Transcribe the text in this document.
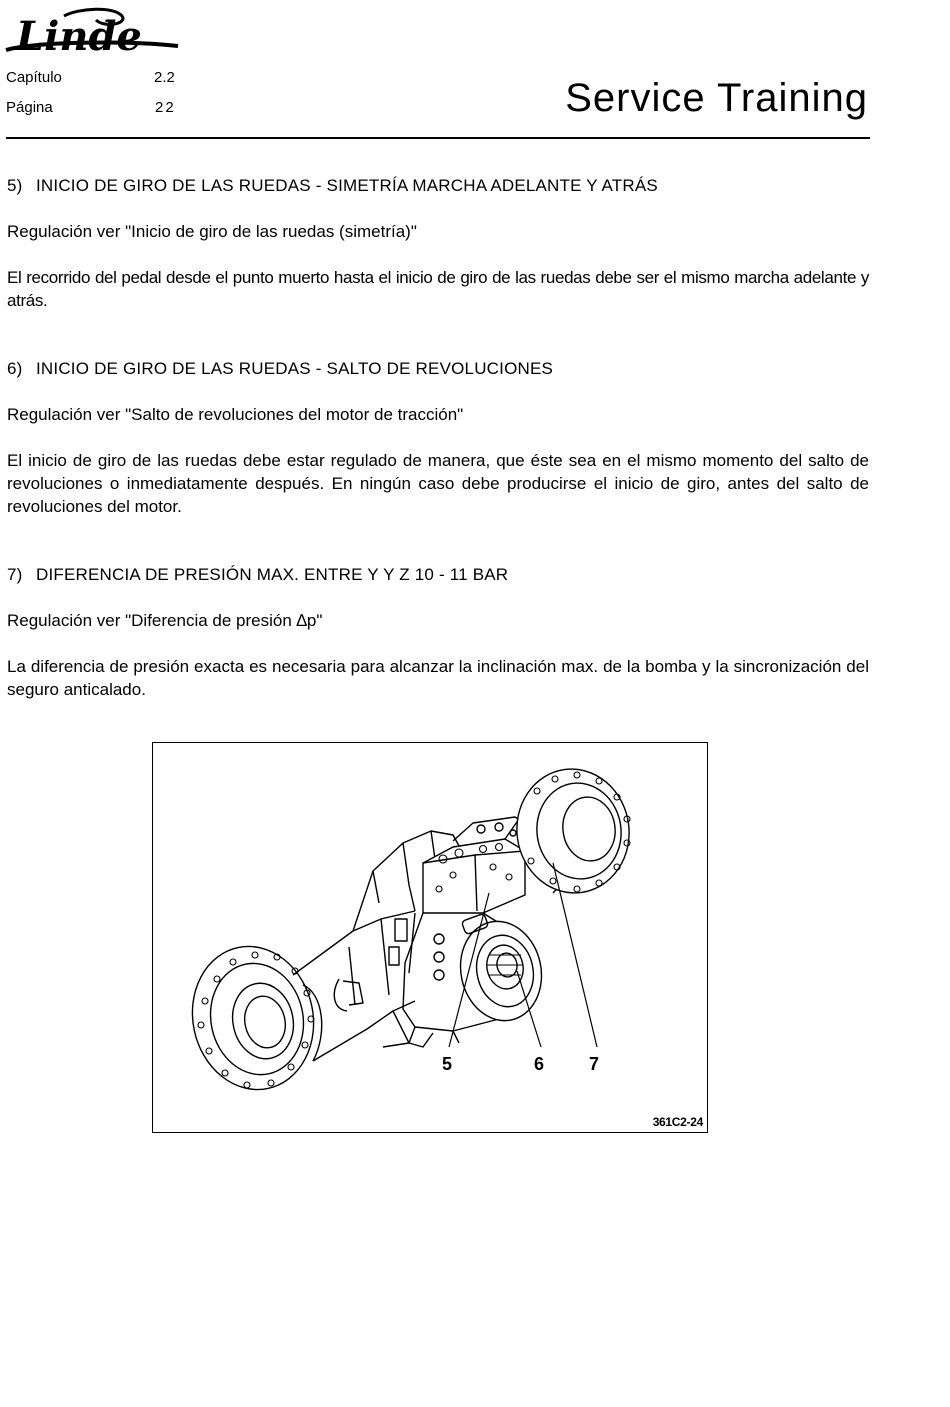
Linde
Capítulo	2.2
Página	22	Service Training

5) INICIO DE GIRO DE LAS RUEDAS - SIMETRÍA MARCHA ADELANTE Y ATRÁS

Regulación ver "Inicio de giro de las ruedas (simetría)"

El recorrido del pedal desde el punto muerto hasta el inicio de giro de las ruedas debe ser el mismo marcha adelante y atrás.

6) INICIO DE GIRO DE LAS RUEDAS - SALTO DE REVOLUCIONES

Regulación ver "Salto de revoluciones del motor de tracción"

El inicio de giro de las ruedas debe estar regulado de manera, que éste sea en el mismo momento del salto de revoluciones o inmediatamente después. En ningún caso debe producirse el inicio de giro, antes del salto de revoluciones del motor.

7) DIFERENCIA DE PRESIÓN MAX. ENTRE Y Y Z 10 - 11 BAR

Regulación ver "Diferencia de presión ∆p"

La diferencia de presión exacta es necesaria para alcanzar la inclinación max. de la bomba y la sincronización del seguro anticalado.

5	6 7
361C2-24
